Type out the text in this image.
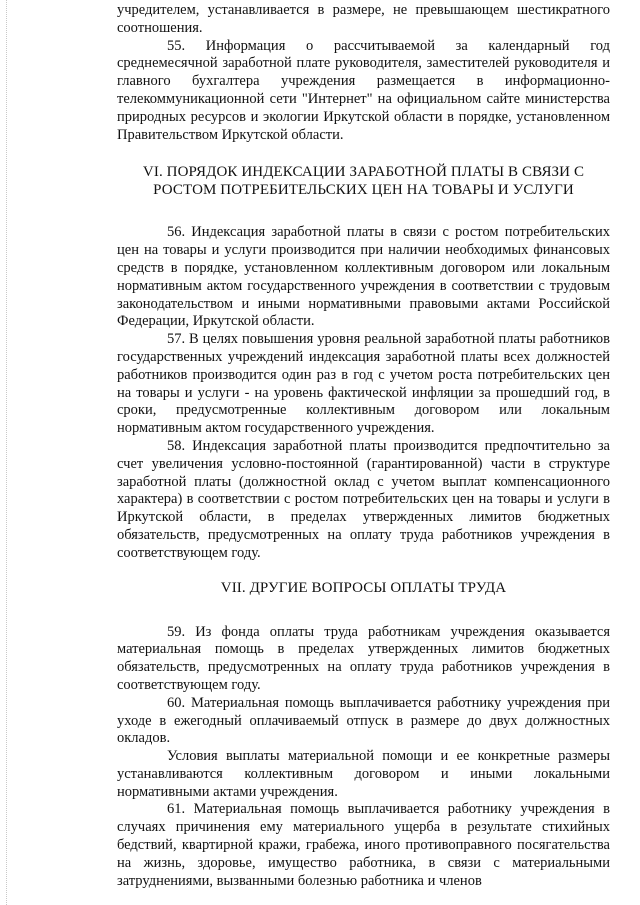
учредителем, устанавливается в размере, не превышающем шестикратного соотношения.

55. Информация о рассчитываемой за календарный год среднемесячной заработной плате руководителя, заместителей руководителя и главного бухгалтера учреждения размещается в информационно-телекоммуникационной сети "Интернет" на официальном сайте министерства природных ресурсов и экологии Иркутской области в порядке, установленном Правительством Иркутской области.

VI. ПОРЯДОК ИНДЕКСАЦИИ ЗАРАБОТНОЙ ПЛАТЫ В СВЯЗИ С
РОСТОМ ПОТРЕБИТЕЛЬСКИХ ЦЕН НА ТОВАРЫ И УСЛУГИ

56. Индексация заработной платы в связи с ростом потребительских цен на товары и услуги производится при наличии необходимых финансовых средств в порядке, установленном коллективным договором или локальным нормативным актом государственного учреждения в соответствии с трудовым законодательством и иными нормативными правовыми актами Российской Федерации, Иркутской области.

57. В целях повышения уровня реальной заработной платы работников государственных учреждений индексация заработной платы всех должностей работников производится один раз в год с учетом роста потребительских цен на товары и услуги - на уровень фактической инфляции за прошедший год, в сроки, предусмотренные коллективным договором или локальным нормативным актом государственного учреждения.

58. Индексация заработной платы производится предпочтительно за счет увеличения условно-постоянной (гарантированной) части в структуре заработной платы (должностной оклад с учетом выплат компенсационного характера) в соответствии с ростом потребительских цен на товары и услуги в Иркутской области, в пределах утвержденных лимитов бюджетных обязательств, предусмотренных на оплату труда работников учреждения в соответствующем году.

VII. ДРУГИЕ ВОПРОСЫ ОПЛАТЫ ТРУДА

59. Из фонда оплаты труда работникам учреждения оказывается материальная помощь в пределах утвержденных лимитов бюджетных обязательств, предусмотренных на оплату труда работников учреждения в соответствующем году.

60. Материальная помощь выплачивается работнику учреждения при уходе в ежегодный оплачиваемый отпуск в размере до двух должностных окладов.

Условия выплаты материальной помощи и ее конкретные размеры устанавливаются коллективным договором и иными локальными нормативными актами учреждения.

61. Материальная помощь выплачивается работнику учреждения в случаях причинения ему материального ущерба в результате стихийных бедствий, квартирной кражи, грабежа, иного противоправного посягательства на жизнь, здоровье, имущество работника, в связи с материальными затруднениями, вызванными болезнью работника и членов
